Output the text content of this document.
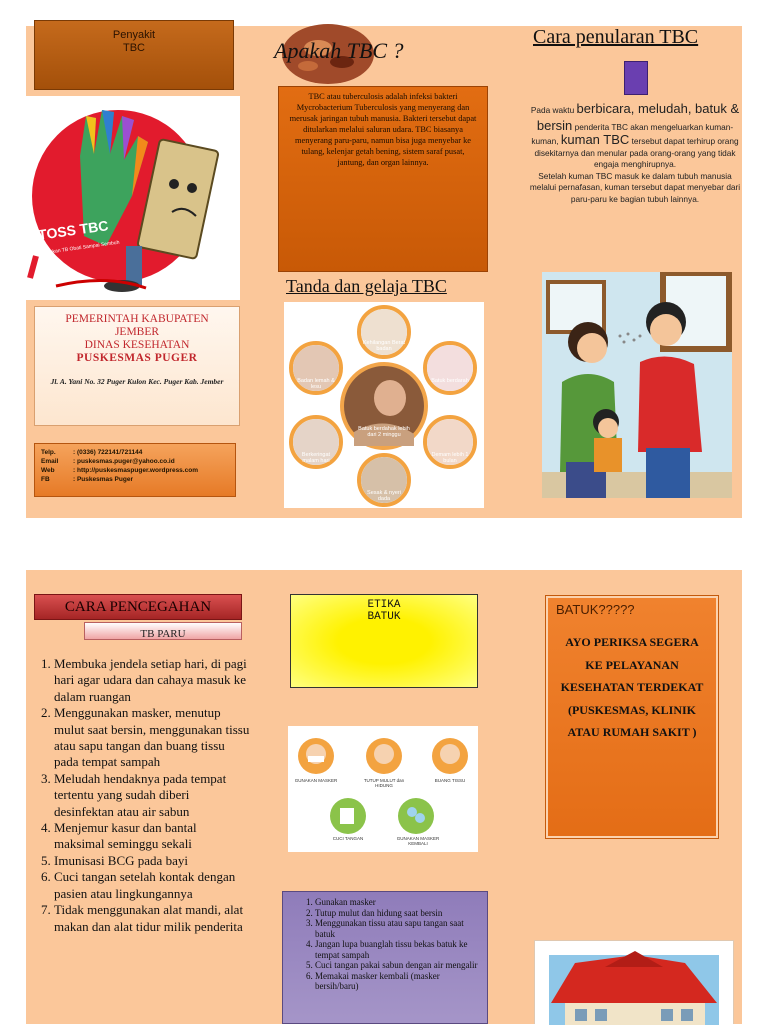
Penyakit
TBC
TOSS TBC
Temukan TB Obati Sampai Sembuh
PEMERINTAH KABUPATEN
JEMBER
DINAS KESEHATAN
PUSKESMAS PUGER
Jl. A. Yani No. 32 Puger Kulon Kec. Puger Kab. Jember
Telp.	: (0336) 722141/721144
Email : puskesmas.puger@yahoo.co.id
Web	: http://puskesmaspuger.wordpress.com
FB	: Puskesmas Puger
Apakah TBC ?
TBC atau tuberculosis adalah infeksi bakteri Mycrobacterium Tuberculosis yang menyerang dan merusak jaringan tubuh manusia. Bakteri tersebut dapat ditularkan melalui saluran udara. TBC biasanya menyerang paru-paru, namun bisa juga menyebar ke tulang, kelenjar getah bening, sistem saraf pusat, jantung, dan organ lainnya.
Tanda dan gelaja TBC
Kehilangan Berat badan
Batuk berdarah
Demam lebih 1 bulan
Sesak & nyeri dada
Berkeringat malam hari
Badan lemah & lesu
Batuk berdahak lebih dari 2 minggu
Cara penularan TBC
Pada waktu berbicara, meludah, batuk & bersin penderita TBC akan mengeluarkan kuman-kuman, kuman TBC tersebut dapat terhirup orang disekitarnya dan menular pada orang-orang yang tidak engaja menghirupnya.
Setelah kuman TBC masuk ke dalam tubuh manusia melalui pernafasan, kuman tersebut dapat menyebar dari paru-paru ke bagian tubuh lainnya.
CARA PENCEGAHAN
TB PARU
1. Membuka jendela setiap hari, di pagi hari agar udara dan cahaya masuk ke dalam ruangan
2. Menggunakan masker, menutup mulut saat bersin, menggunakan tissu atau sapu tangan dan buang tissu pada tempat sampah
3. Meludah hendaknya pada tempat tertentu yang sudah diberi desinfektan atau air sabun
4. Menjemur kasur dan bantal maksimal seminggu sekali
5. Imunisasi BCG pada bayi
6. Cuci tangan setelah kontak dengan pasien atau lingkungannya
7. Tidak menggunakan alat mandi, alat makan dan alat tidur milik penderita
ETIKA
BATUK
GUNAKAN MASKER	TUTUP MULUT dan HIDUNG
BUANG TISSU
CUCI TANGAN	GUNAKAN MASKER KEMBALI
1. Gunakan masker
2. Tutup mulut dan hidung saat bersin
3. Menggunakan tissu atau sapu tangan saat batuk
4. Jangan lupa buanglah tissu bekas batuk ke tempat sampah
5. Cuci tangan pakai sabun dengan air mengalir
6. Memakai masker kembali (masker bersih/baru)
BATUK?????
AYO PERIKSA SEGERA KE PELAYANAN KESEHATAN TERDEKAT (PUSKESMAS, KLINIK ATAU RUMAH SAKIT )
